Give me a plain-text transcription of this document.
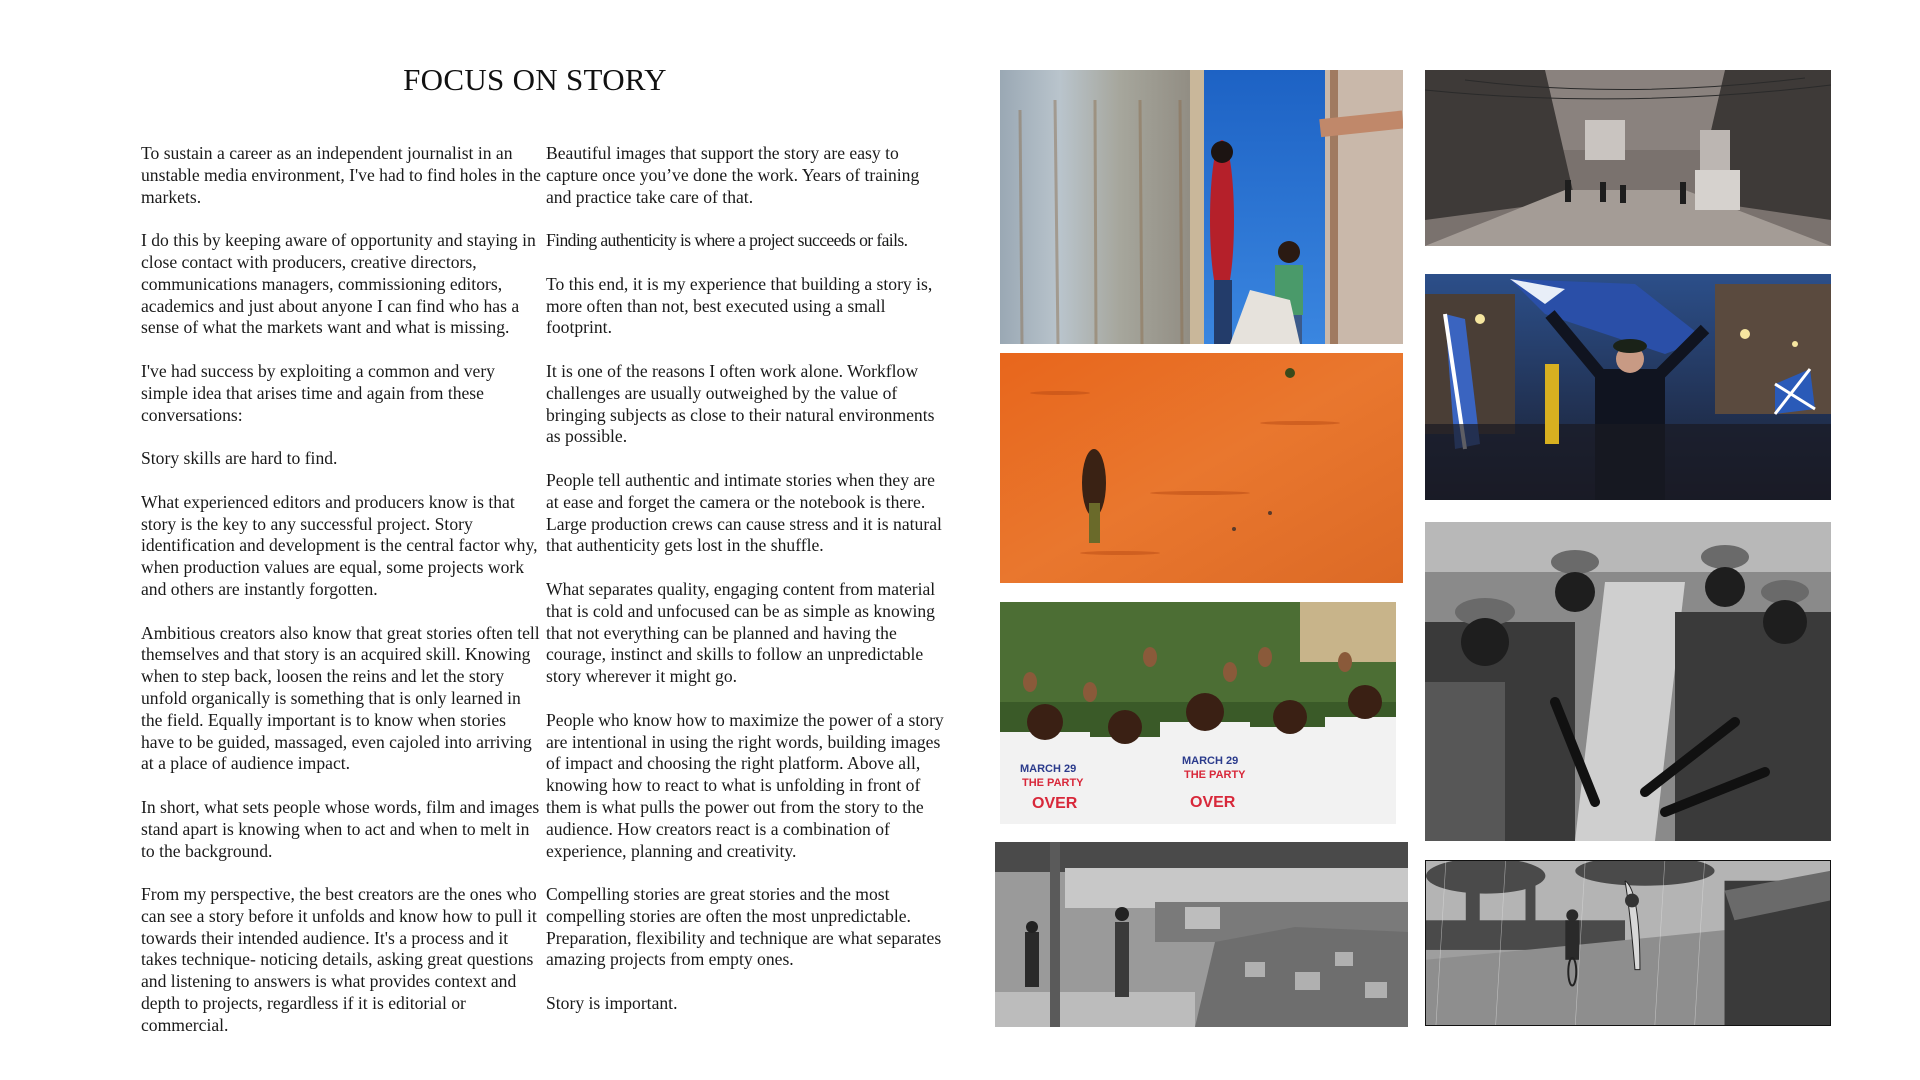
FOCUS ON STORY

To sustain a career as an independent journalist in an unstable media environment, I've had to find holes in the markets.

I do this by keeping aware of opportunity and staying in close contact with producers, creative directors, communications managers, commissioning editors, academics and just about anyone I can find who has a sense of what the markets want and what is missing.

I've had success by exploiting a common and very simple idea that arises time and again from these conversations:

Story skills are hard to find.

What experienced editors and producers know is that story is the key to any successful project. Story identification and development is the central factor why, when production values are equal, some projects work and others are instantly forgotten.

Ambitious creators also know that great stories often tell themselves and that story is an acquired skill. Knowing when to step back, loosen the reins and let the story unfold organically is something that is only learned in the field. Equally important is to know when stories have to be guided, massaged, even cajoled into arriving at a place of audience impact.

In short, what sets people whose words, film and images stand apart is knowing when to act and when to melt in to the background.

From my perspective, the best creators are the ones who can see a story before it unfolds and know how to pull it towards their intended audience. It's a process and it takes technique- noticing details, asking great questions and listening to answers is what provides context and depth to projects, regardless if it is editorial or commercial.

Beautiful images that support the story are easy to capture once you’ve done the work. Years of training and practice take care of that.

Finding authenticity is where a project succeeds or fails.

To this end, it is my experience that building a story is, more often than not, best executed using a small footprint.

It is one of the reasons I often work alone. Workflow challenges are usually outweighed by the value of bringing subjects as close to their natural environments as possible.

People tell authentic and intimate stories when they are at ease and forget the camera or the notebook is there. Large production crews can cause stress and it is natural that authenticity gets lost in the shuffle.

What separates quality, engaging content from material that is cold and unfocused can be as simple as knowing that not everything can be planned and having the courage, instinct and skills to follow an unpredictable story wherever it might go.

People who know how to maximize the power of a story are intentional in using the right words, building images of impact and choosing the right platform. Above all, knowing how to react to what is unfolding in front of them is what pulls the power out from the story to the audience. How creators react is a combination of experience, planning and creativity.

Compelling stories are great stories and the most compelling stories are often the most unpredictable. Preparation, flexibility and technique are what separates amazing projects from empty ones.

Story is important.

MARCH 29
MARCH 29
THE PARTY
THE PARTY
OVER	OVER
